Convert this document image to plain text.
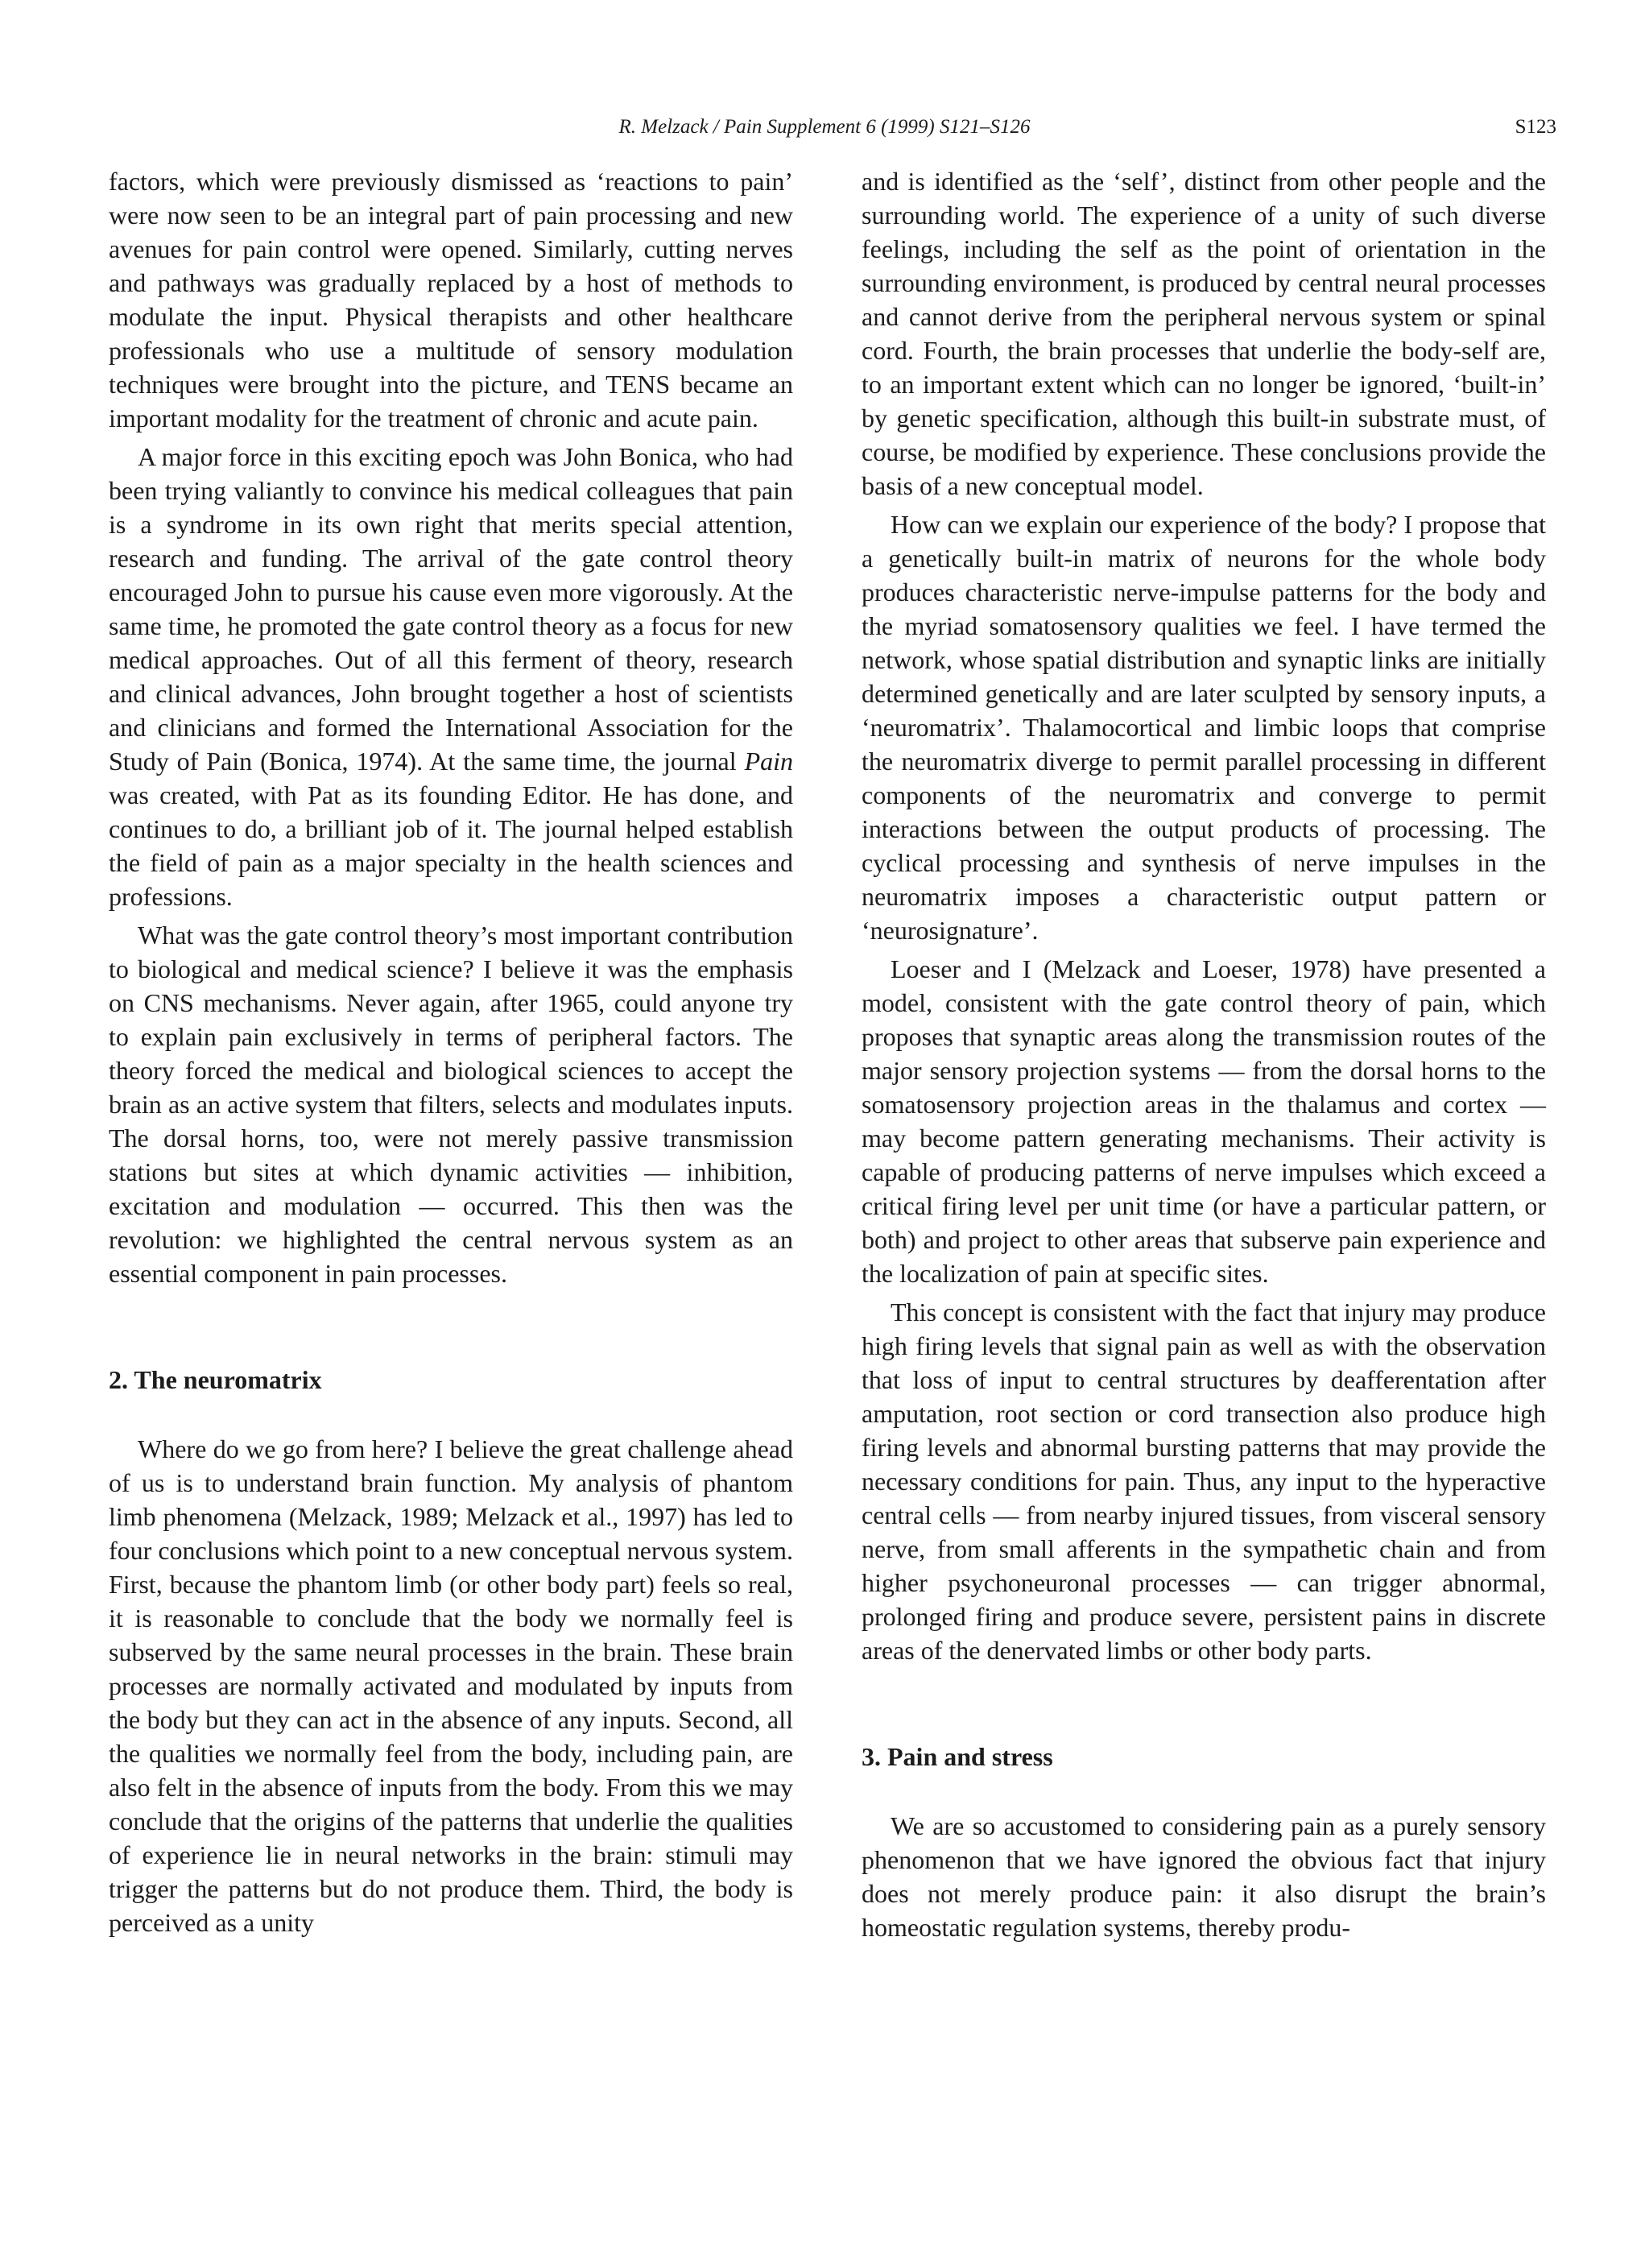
R. Melzack / Pain Supplement 6 (1999) S121–S126	S123

factors, which were previously dismissed as ‘reactions to pain’ were now seen to be an integral part of pain processing and new avenues for pain control were opened. Similarly, cutting nerves and pathways was gradually replaced by a host of methods to modulate the input. Physical therapists and other healthcare professionals who use a multitude of sensory modulation techniques were brought into the picture, and TENS became an important modality for the treatment of chronic and acute pain.

A major force in this exciting epoch was John Bonica, who had been trying valiantly to convince his medical colleagues that pain is a syndrome in its own right that merits special attention, research and funding. The arrival of the gate control theory encouraged John to pursue his cause even more vigorously. At the same time, he promoted the gate control theory as a focus for new medical approaches. Out of all this ferment of theory, research and clinical advances, John brought together a host of scientists and clinicians and formed the International Association for the Study of Pain (Bonica, 1974). At the same time, the journal Pain was created, with Pat as its founding Editor. He has done, and continues to do, a brilliant job of it. The journal helped establish the field of pain as a major specialty in the health sciences and professions.

What was the gate control theory’s most important contribution to biological and medical science? I believe it was the emphasis on CNS mechanisms. Never again, after 1965, could anyone try to explain pain exclusively in terms of peripheral factors. The theory forced the medical and biological sciences to accept the brain as an active system that filters, selects and modulates inputs. The dorsal horns, too, were not merely passive transmission stations but sites at which dynamic activities — inhibition, excitation and modulation — occurred. This then was the revolution: we highlighted the central nervous system as an essential component in pain processes.

2. The neuromatrix

Where do we go from here? I believe the great challenge ahead of us is to understand brain function. My analysis of phantom limb phenomena (Melzack, 1989; Melzack et al., 1997) has led to four conclusions which point to a new conceptual nervous system. First, because the phantom limb (or other body part) feels so real, it is reasonable to conclude that the body we normally feel is subserved by the same neural processes in the brain. These brain processes are normally activated and modulated by inputs from the body but they can act in the absence of any inputs. Second, all the qualities we normally feel from the body, including pain, are also felt in the absence of inputs from the body. From this we may conclude that the origins of the patterns that underlie the qualities of experience lie in neural networks in the brain: stimuli may trigger the patterns but do not produce them. Third, the body is perceived as a unity

and is identified as the ‘self’, distinct from other people and the surrounding world. The experience of a unity of such diverse feelings, including the self as the point of orientation in the surrounding environment, is produced by central neural processes and cannot derive from the peripheral nervous system or spinal cord. Fourth, the brain processes that underlie the body-self are, to an important extent which can no longer be ignored, ‘built-in’ by genetic specification, although this built-in substrate must, of course, be modified by experience. These conclusions provide the basis of a new conceptual model.

How can we explain our experience of the body? I propose that a genetically built-in matrix of neurons for the whole body produces characteristic nerve-impulse patterns for the body and the myriad somatosensory qualities we feel. I have termed the network, whose spatial distribution and synaptic links are initially determined genetically and are later sculpted by sensory inputs, a ‘neuromatrix’. Thalamocortical and limbic loops that comprise the neuromatrix diverge to permit parallel processing in different components of the neuromatrix and converge to permit interactions between the output products of processing. The cyclical processing and synthesis of nerve impulses in the neuromatrix imposes a characteristic output pattern or ‘neurosignature’.

Loeser and I (Melzack and Loeser, 1978) have presented a model, consistent with the gate control theory of pain, which proposes that synaptic areas along the transmission routes of the major sensory projection systems — from the dorsal horns to the somatosensory projection areas in the thalamus and cortex — may become pattern generating mechanisms. Their activity is capable of producing patterns of nerve impulses which exceed a critical firing level per unit time (or have a particular pattern, or both) and project to other areas that subserve pain experience and the localization of pain at specific sites.

This concept is consistent with the fact that injury may produce high firing levels that signal pain as well as with the observation that loss of input to central structures by deafferentation after amputation, root section or cord transection also produce high firing levels and abnormal bursting patterns that may provide the necessary conditions for pain. Thus, any input to the hyperactive central cells — from nearby injured tissues, from visceral sensory nerve, from small afferents in the sympathetic chain and from higher psychoneuronal processes — can trigger abnormal, prolonged firing and produce severe, persistent pains in discrete areas of the denervated limbs or other body parts.

3. Pain and stress

We are so accustomed to considering pain as a purely sensory phenomenon that we have ignored the obvious fact that injury does not merely produce pain: it also disrupt the brain’s homeostatic regulation systems, thereby produ-
